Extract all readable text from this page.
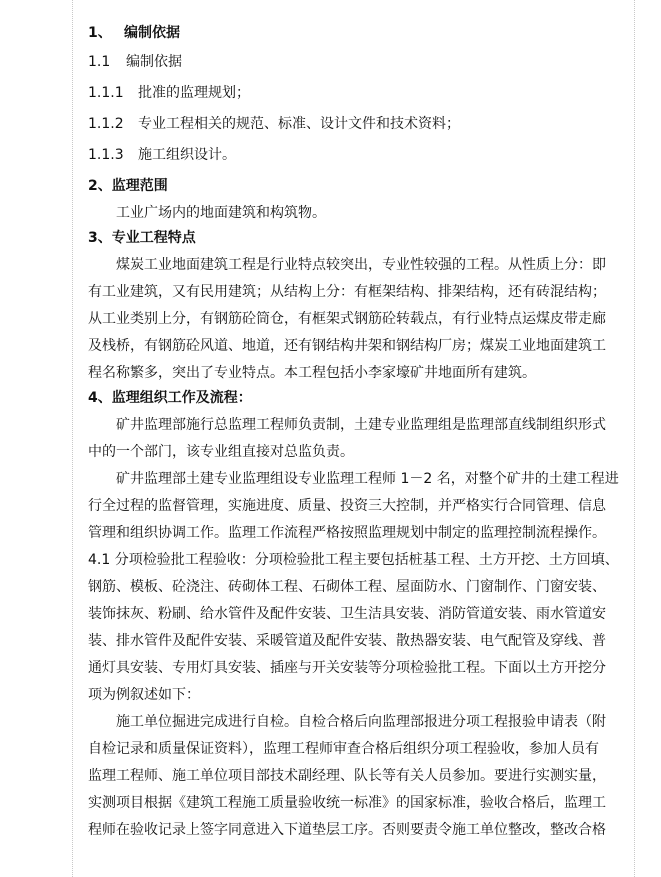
1、 编制依据
1.1 编制依据
1.1.1 批准的监理规划；
1.1.2 专业工程相关的规范、标准、设计文件和技术资料；
1.1.3 施工组织设计。
2、监理范围
工业广场内的地面建筑和构筑物。
3、专业工程特点
煤炭工业地面建筑工程是行业特点较突出，专业性较强的工程。从性质上分：即
有工业建筑，又有民用建筑；从结构上分：有框架结构、排架结构，还有砖混结构；
从工业类别上分，有钢筋砼筒仓，有框架式钢筋砼转载点，有行业特点运煤皮带走廊
及栈桥，有钢筋砼风道、地道，还有钢结构井架和钢结构厂房；煤炭工业地面建筑工
程名称繁多，突出了专业特点。本工程包括小李家壕矿井地面所有建筑。
4、监理组织工作及流程：
矿井监理部施行总监理工程师负责制，土建专业监理组是监理部直线制组织形式
中的一个部门，该专业组直接对总监负责。
矿井监理部土建专业监理组设专业监理工程师 1－2 名，对整个矿井的土建工程进
行全过程的监督管理，实施进度、质量、投资三大控制，并严格实行合同管理、信息
管理和组织协调工作。监理工作流程严格按照监理规划中制定的监理控制流程操作。
4.1 分项检验批工程验收：分项检验批工程主要包括桩基工程、土方开挖、土方回填、
钢筋、模板、砼浇注、砖砌体工程、石砌体工程、屋面防水、门窗制作、门窗安装、
装饰抹灰、粉刷、给水管件及配件安装、卫生洁具安装、消防管道安装、雨水管道安
装、排水管件及配件安装、采暖管道及配件安装、散热器安装、电气配管及穿线、普
通灯具安装、专用灯具安装、插座与开关安装等分项检验批工程。下面以土方开挖分
项为例叙述如下：
施工单位掘进完成进行自检。自检合格后向监理部报进分项工程报验申请表（附
自检记录和质量保证资料），监理工程师审查合格后组织分项工程验收，参加人员有
监理工程师、施工单位项目部技术副经理、队长等有关人员参加。要进行实测实量，
实测项目根据《建筑工程施工质量验收统一标准》的国家标准，验收合格后，监理工
程师在验收记录上签字同意进入下道垫层工序。否则要责令施工单位整改，整改合格
